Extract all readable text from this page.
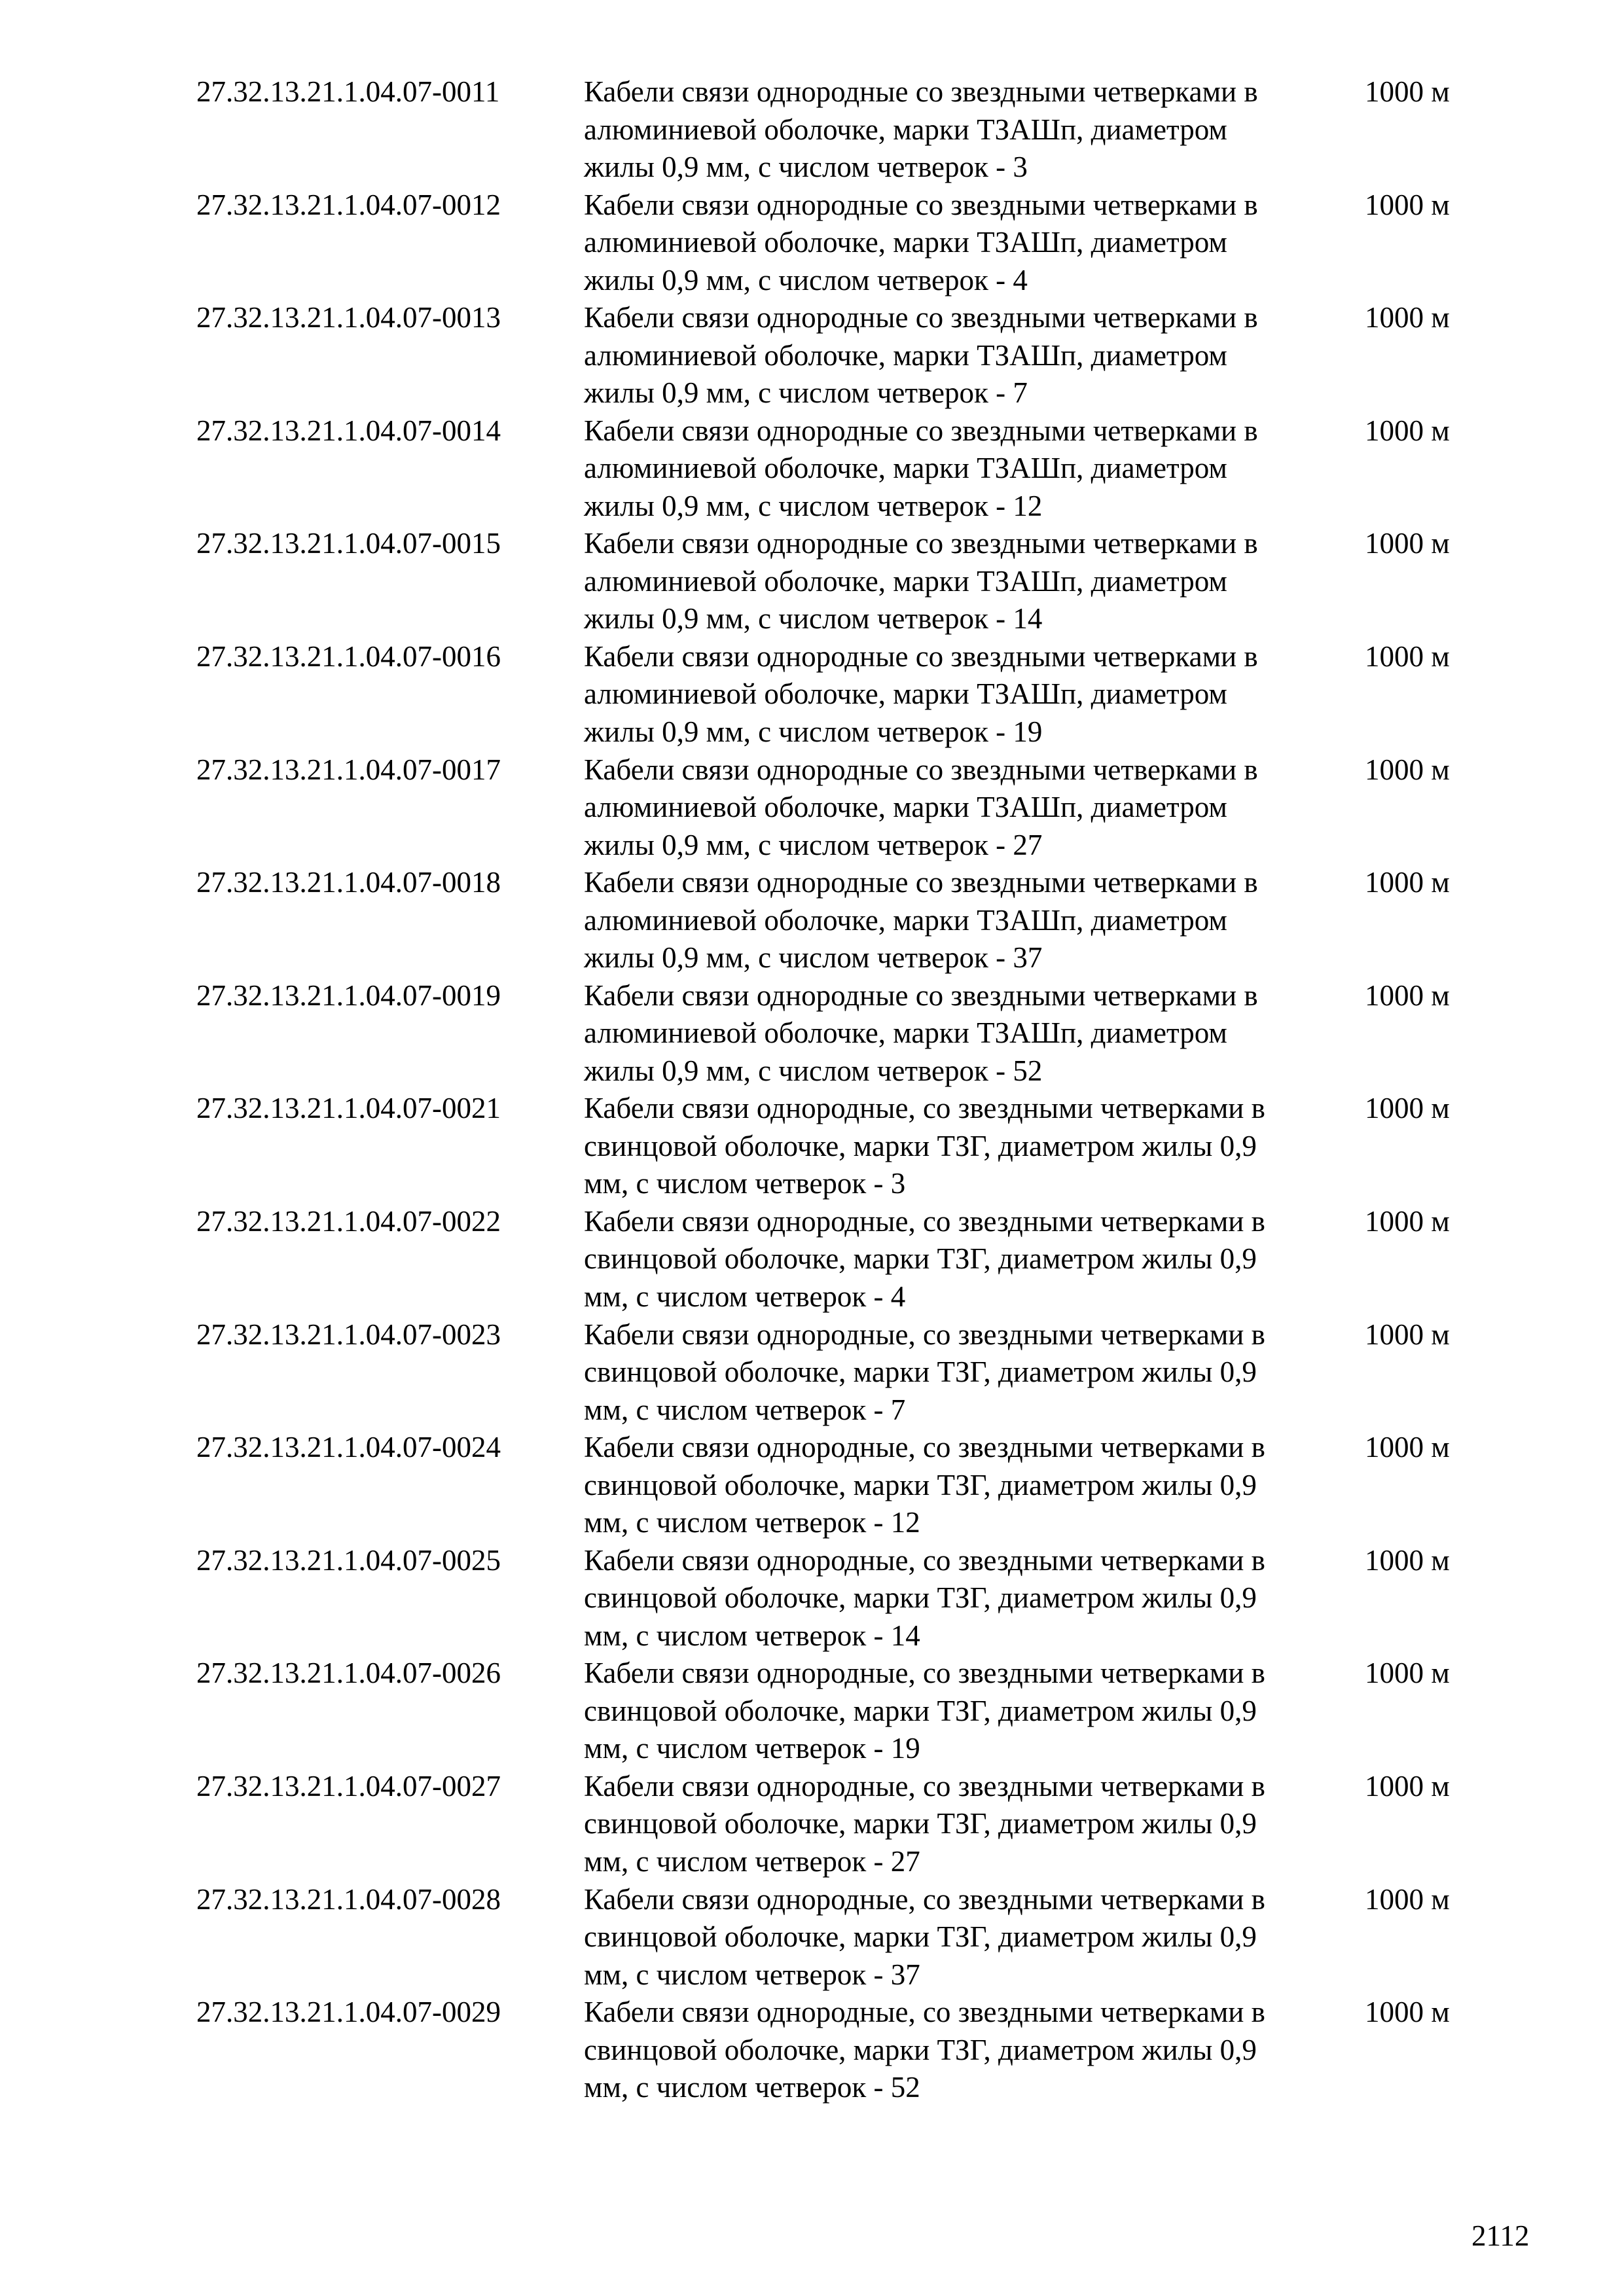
27.32.13.21.1.04.07-0011	Кабели связи однородные со звездными четверками в
алюминиевой оболочке, марки ТЗАШп, диаметром
жилы 0,9 мм, с числом четверок - 3
1000 м
27.32.13.21.1.04.07-0012	Кабели связи однородные со звездными четверками в
алюминиевой оболочке, марки ТЗАШп, диаметром
жилы 0,9 мм, с числом четверок - 4
1000 м
27.32.13.21.1.04.07-0013	Кабели связи однородные со звездными четверками в
алюминиевой оболочке, марки ТЗАШп, диаметром
жилы 0,9 мм, с числом четверок - 7
1000 м
27.32.13.21.1.04.07-0014	Кабели связи однородные со звездными четверками в
алюминиевой оболочке, марки ТЗАШп, диаметром
жилы 0,9 мм, с числом четверок - 12
1000 м
27.32.13.21.1.04.07-0015	Кабели связи однородные со звездными четверками в
алюминиевой оболочке, марки ТЗАШп, диаметром
жилы 0,9 мм, с числом четверок - 14
1000 м
27.32.13.21.1.04.07-0016	Кабели связи однородные со звездными четверками в
алюминиевой оболочке, марки ТЗАШп, диаметром
жилы 0,9 мм, с числом четверок - 19
1000 м
27.32.13.21.1.04.07-0017	Кабели связи однородные со звездными четверками в
алюминиевой оболочке, марки ТЗАШп, диаметром
жилы 0,9 мм, с числом четверок - 27
1000 м
27.32.13.21.1.04.07-0018	Кабели связи однородные со звездными четверками в
алюминиевой оболочке, марки ТЗАШп, диаметром
жилы 0,9 мм, с числом четверок - 37
1000 м
27.32.13.21.1.04.07-0019	Кабели связи однородные со звездными четверками в
алюминиевой оболочке, марки ТЗАШп, диаметром
жилы 0,9 мм, с числом четверок - 52
1000 м
27.32.13.21.1.04.07-0021	Кабели связи однородные, со звездными четверками в
свинцовой оболочке, марки ТЗГ, диаметром жилы 0,9
мм, с числом четверок - 3
1000 м
27.32.13.21.1.04.07-0022	Кабели связи однородные, со звездными четверками в
свинцовой оболочке, марки ТЗГ, диаметром жилы 0,9
мм, с числом четверок - 4
1000 м
27.32.13.21.1.04.07-0023	Кабели связи однородные, со звездными четверками в
свинцовой оболочке, марки ТЗГ, диаметром жилы 0,9
мм, с числом четверок - 7
1000 м
27.32.13.21.1.04.07-0024	Кабели связи однородные, со звездными четверками в
свинцовой оболочке, марки ТЗГ, диаметром жилы 0,9
мм, с числом четверок - 12
1000 м
27.32.13.21.1.04.07-0025	Кабели связи однородные, со звездными четверками в
свинцовой оболочке, марки ТЗГ, диаметром жилы 0,9
мм, с числом четверок - 14
1000 м
27.32.13.21.1.04.07-0026	Кабели связи однородные, со звездными четверками в
свинцовой оболочке, марки ТЗГ, диаметром жилы 0,9
мм, с числом четверок - 19
1000 м
27.32.13.21.1.04.07-0027	Кабели связи однородные, со звездными четверками в
свинцовой оболочке, марки ТЗГ, диаметром жилы 0,9
мм, с числом четверок - 27
1000 м
27.32.13.21.1.04.07-0028	Кабели связи однородные, со звездными четверками в
свинцовой оболочке, марки ТЗГ, диаметром жилы 0,9
мм, с числом четверок - 37
1000 м
27.32.13.21.1.04.07-0029	Кабели связи однородные, со звездными четверками в
свинцовой оболочке, марки ТЗГ, диаметром жилы 0,9
мм, с числом четверок - 52
1000 м
2112
